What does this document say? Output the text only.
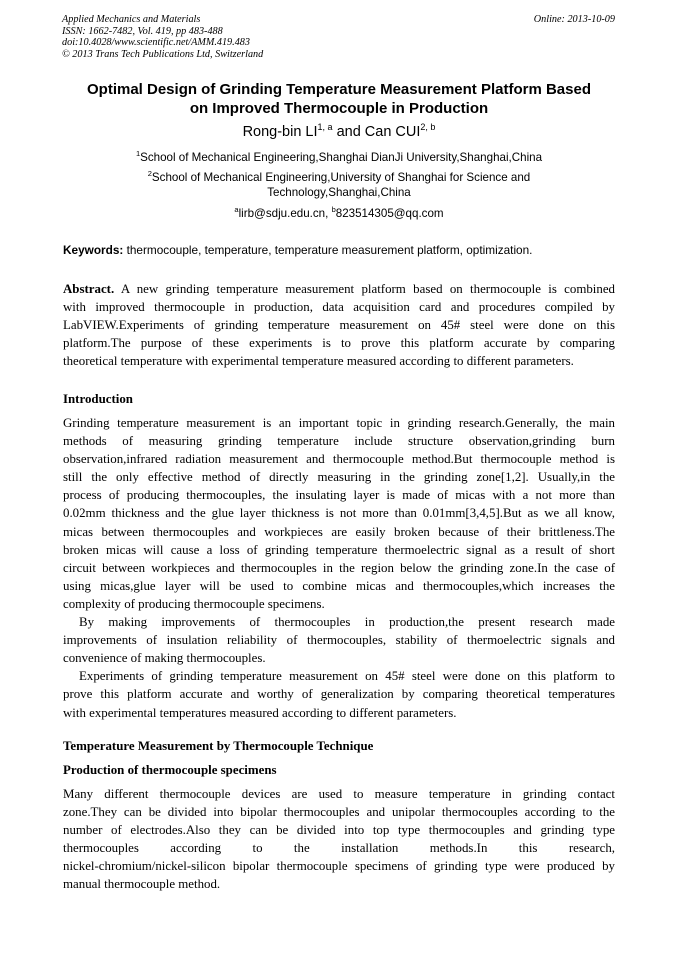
Applied Mechanics and Materials
ISSN: 1662-7482, Vol. 419, pp 483-488
doi:10.4028/www.scientific.net/AMM.419.483
© 2013 Trans Tech Publications Ltd, Switzerland
Online: 2013-10-09
Optimal Design of Grinding Temperature Measurement Platform Based
on Improved Thermocouple in Production
Rong-bin LI$^{1, a}$ and Can CUI$^{2, b}$
$^1$School of Mechanical Engineering,Shanghai DianJi University,Shanghai,China
$^2$School of Mechanical Engineering,University of Shanghai for Science and
Technology,Shanghai,China
$^a$lirb@sdju.edu.cn, $^b$823514305@qq.com
Keywords: thermocouple, temperature, temperature measurement platform, optimization.
Abstract. A new grinding temperature measurement platform based on thermocouple is combined
with improved thermocouple in production, data acquisition card and procedures compiled by
LabVIEW.Experiments of grinding temperature measurement on 45# steel were done on this
platform.The purpose of these experiments is to prove this platform accurate by comparing
theoretical temperature with experimental temperature measured according to different parameters.
Introduction
Grinding temperature measurement is an important topic in grinding research.Generally, the main
methods of measuring grinding temperature include structure observation,grinding burn
observation,infrared radiation measurement and thermocouple method.But thermocouple method is
still the only effective method of directly measuring in the grinding zone[1,2]. Usually,in the
process of producing thermocouples, the insulating layer is made of micas with a not more than
0.02mm thickness and the glue layer thickness is not more than 0.01mm[3,4,5].But as we all know,
micas between thermocouples and workpieces are easily broken because of their brittleness.The
broken micas will cause a loss of grinding temperature thermoelectric signal as a result of short
circuit between workpieces and thermocouples in the region below the grinding zone.In the case of
using micas,glue layer will be used to combine micas and thermocouples,which increases the
complexity of producing thermocouple specimens.
By making improvements of thermocouples in production,the present research made
improvements of insulation reliability of thermocouples, stability of thermoelectric signals and
convenience of making thermocouples.
Experiments of grinding temperature measurement on 45# steel were done on this platform to
prove this platform accurate and worthy of generalization by comparing theoretical temperatures
with experimental temperatures measured according to different parameters.
Temperature Measurement by Thermocouple Technique
Production of thermocouple specimens
Many different thermocouple devices are used to measure temperature in grinding contact
zone.They can be divided into bipolar thermocouples and unipolar thermocouples according to the
number of electrodes.Also they can be divided into top type thermocouples and grinding type
thermocouples according to the installation methods.In this research,
nickel-chromium/nickel-silicon bipolar thermocouple specimens of grinding type were produced by
manual thermocouple method.
